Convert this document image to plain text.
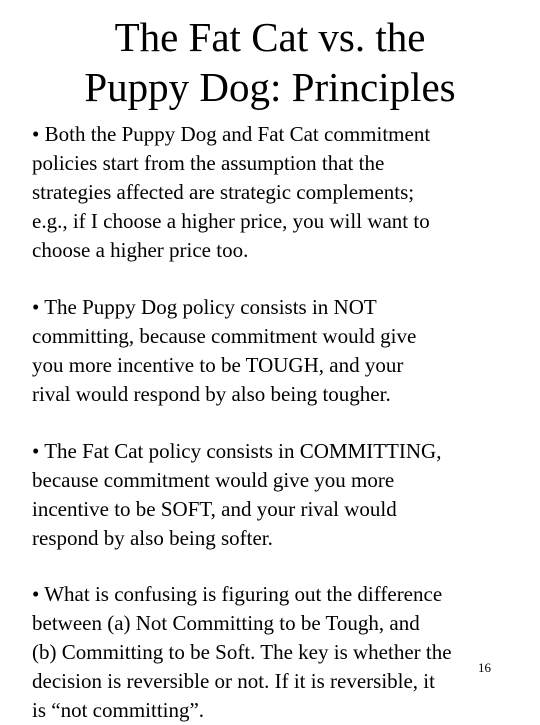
The Fat Cat vs. the
Puppy Dog: Principles

• Both the Puppy Dog and Fat Cat commitment
policies start from the assumption that the
strategies affected are strategic complements;
e.g., if I choose a higher price, you will want to
choose a higher price too.

• The Puppy Dog policy consists in NOT
committing, because commitment would give
you more incentive to be TOUGH, and your
rival would respond by also being tougher.

• The Fat Cat policy consists in COMMITTING,
because commitment would give you more
incentive to be SOFT, and your rival would
respond by also being softer.

• What is confusing is figuring out the difference
between (a) Not Committing to be Tough, and
(b) Committing to be Soft. The key is whether the
decision is reversible or not. If it is reversible, it
is “not committing”.

16
